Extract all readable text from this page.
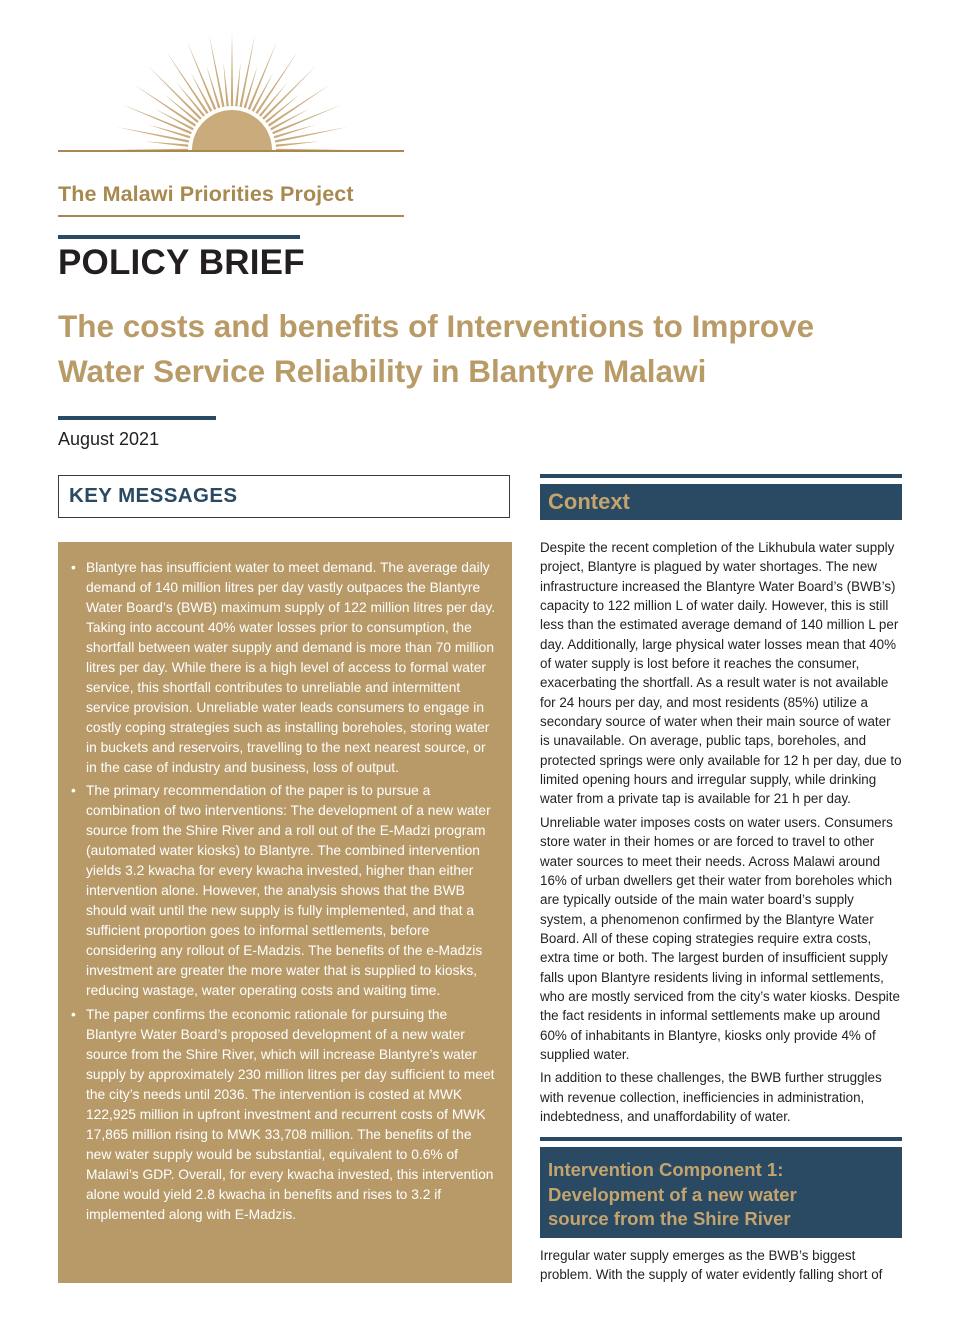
The Malawi Priorities Project
POLICY BRIEF
The costs and benefits of Interventions to Improve
Water Service Reliability in Blantyre Malawi
August 2021
KEY MESSAGES
• Blantyre has insufficient water to meet demand. The average daily demand of 140 million litres per day vastly outpaces the Blantyre Water Board’s (BWB) maximum supply of 122 million litres per day. Taking into account 40% water losses prior to consumption, the shortfall between water supply and demand is more than 70 million litres per day. While there is a high level of access to formal water service, this shortfall contributes to unreliable and intermittent service provision. Unreliable water leads consumers to engage in costly coping strategies such as installing boreholes, storing water in buckets and reservoirs, travelling to the next nearest source, or in the case of industry and business, loss of output.
• The primary recommendation of the paper is to pursue a combination of two interventions: The development of a new water source from the Shire River and a roll out of the E-Madzi program (automated water kiosks) to Blantyre. The combined intervention yields 3.2 kwacha for every kwacha invested, higher than either intervention alone. However, the analysis shows that the BWB should wait until the new supply is fully implemented, and that a sufficient proportion goes to informal settlements, before considering any rollout of E-Madzis. The benefits of the e-Madzis investment are greater the more water that is supplied to kiosks, reducing wastage, water operating costs and waiting time.
• The paper confirms the economic rationale for pursuing the Blantyre Water Board’s proposed development of a new water source from the Shire River, which will increase Blantyre’s water supply by approximately 230 million litres per day sufficient to meet the city’s needs until 2036. The intervention is costed at MWK 122,925 million in upfront investment and recurrent costs of MWK 17,865 million rising to MWK 33,708 million. The benefits of the new water supply would be substantial, equivalent to 0.6% of Malawi’s GDP. Overall, for every kwacha invested, this intervention alone would yield 2.8 kwacha in benefits and rises to 3.2 if implemented along with E-Madzis.
Context

Despite the recent completion of the Likhubula water supply project, Blantyre is plagued by water shortages. The new infrastructure increased the Blantyre Water Board’s (BWB’s) capacity to 122 million L of water daily. However, this is still less than the estimated average demand of 140 million L per day. Additionally, large physical water losses mean that 40% of water supply is lost before it reaches the consumer, exacerbating the shortfall. As a result water is not available for 24 hours per day, and most residents (85%) utilize a secondary source of water when their main source of water is unavailable. On average, public taps, boreholes, and protected springs were only available for 12 h per day, due to limited opening hours and irregular supply, while drinking water from a private tap is available for 21 h per day.

Unreliable water imposes costs on water users. Consumers store water in their homes or are forced to travel to other water sources to meet their needs. Across Malawi around 16% of urban dwellers get their water from boreholes which are typically outside of the main water board’s supply system, a phenomenon confirmed by the Blantyre Water Board. All of these coping strategies require extra costs, extra time or both. The largest burden of insufficient supply falls upon Blantyre residents living in informal settlements, who are mostly serviced from the city’s water kiosks. Despite the fact residents in informal settlements make up around 60% of inhabitants in Blantyre, kiosks only provide 4% of supplied water.

In addition to these challenges, the BWB further struggles with revenue collection, inefficiencies in administration, indebtedness, and unaffordability of water.

Intervention Component 1:
Development of a new water
source from the Shire River

Irregular water supply emerges as the BWB’s biggest problem. With the supply of water evidently falling short of
